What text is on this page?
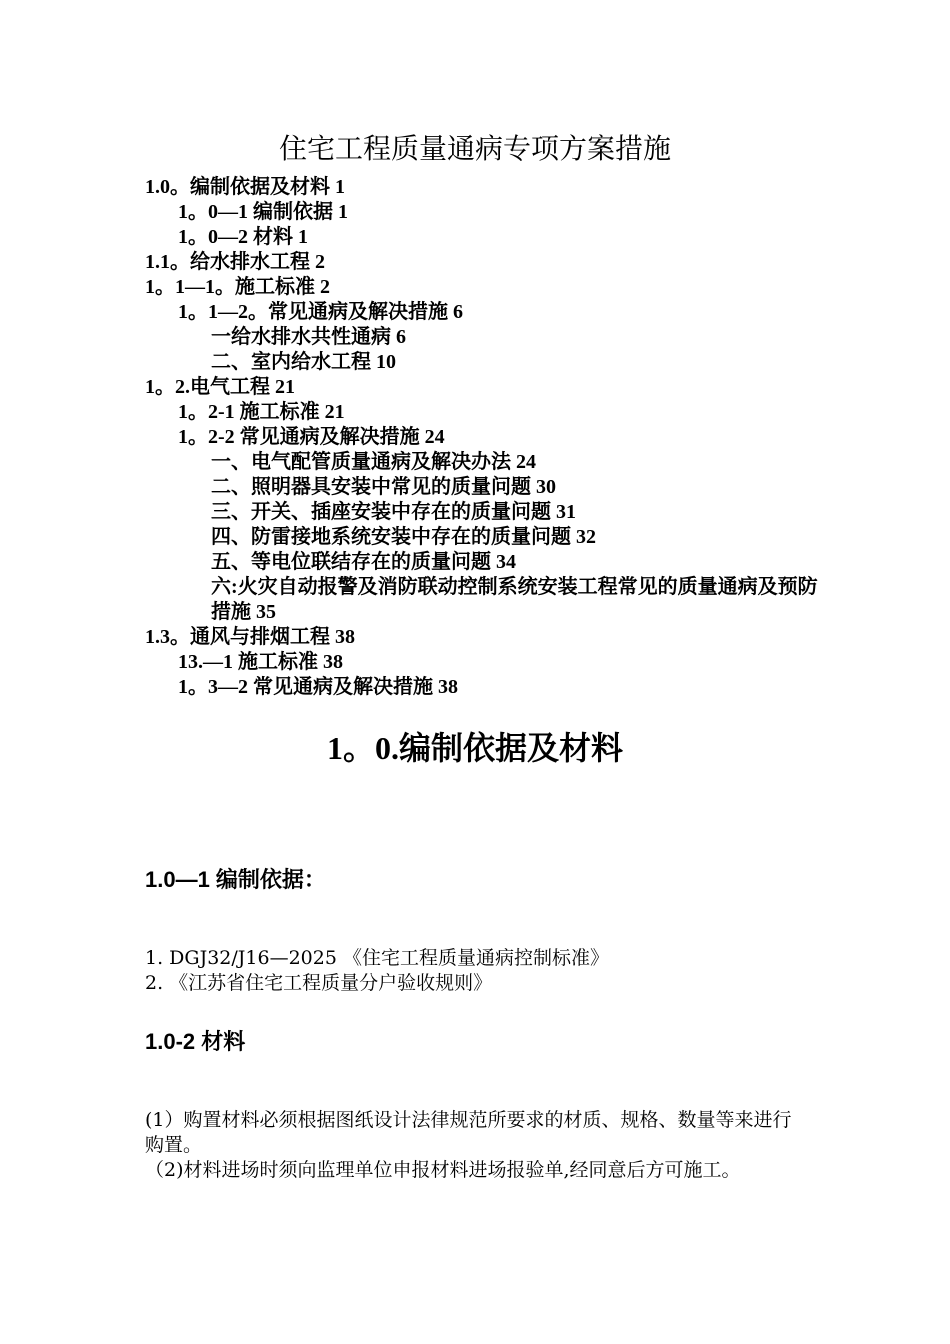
住宅工程质量通病专项方案措施
1.0。编制依据及材料 1
1。0—1 编制依据 1
1。0—2 材料 1
1.1。给水排水工程 2
1。1—1。施工标准 2
1。1—2。常见通病及解决措施 6
一给水排水共性通病 6
二、室内给水工程 10
1。2.电气工程 21
1。2-1 施工标准 21
1。2-2 常见通病及解决措施 24
一、电气配管质量通病及解决办法 24
二、照明器具安装中常见的质量问题 30
三、开关、插座安装中存在的质量问题 31
四、防雷接地系统安装中存在的质量问题 32
五、等电位联结存在的质量问题 34
六:火灾自动报警及消防联动控制系统安装工程常见的质量通病及预防措施 35
1.3。通风与排烟工程 38
13.—1 施工标准 38
1。3—2 常见通病及解决措施 38
1。0.编制依据及材料
1.0—1 编制依据：
1. DGJ32/J16—2025 《住宅工程质量通病控制标准》
2. 《江苏省住宅工程质量分户验收规则》
1.0-2 材料
(1）购置材料必须根据图纸设计法律规范所要求的材质、规格、数量等来进行购置。
（2)材料进场时须向监理单位申报材料进场报验单,经同意后方可施工。
